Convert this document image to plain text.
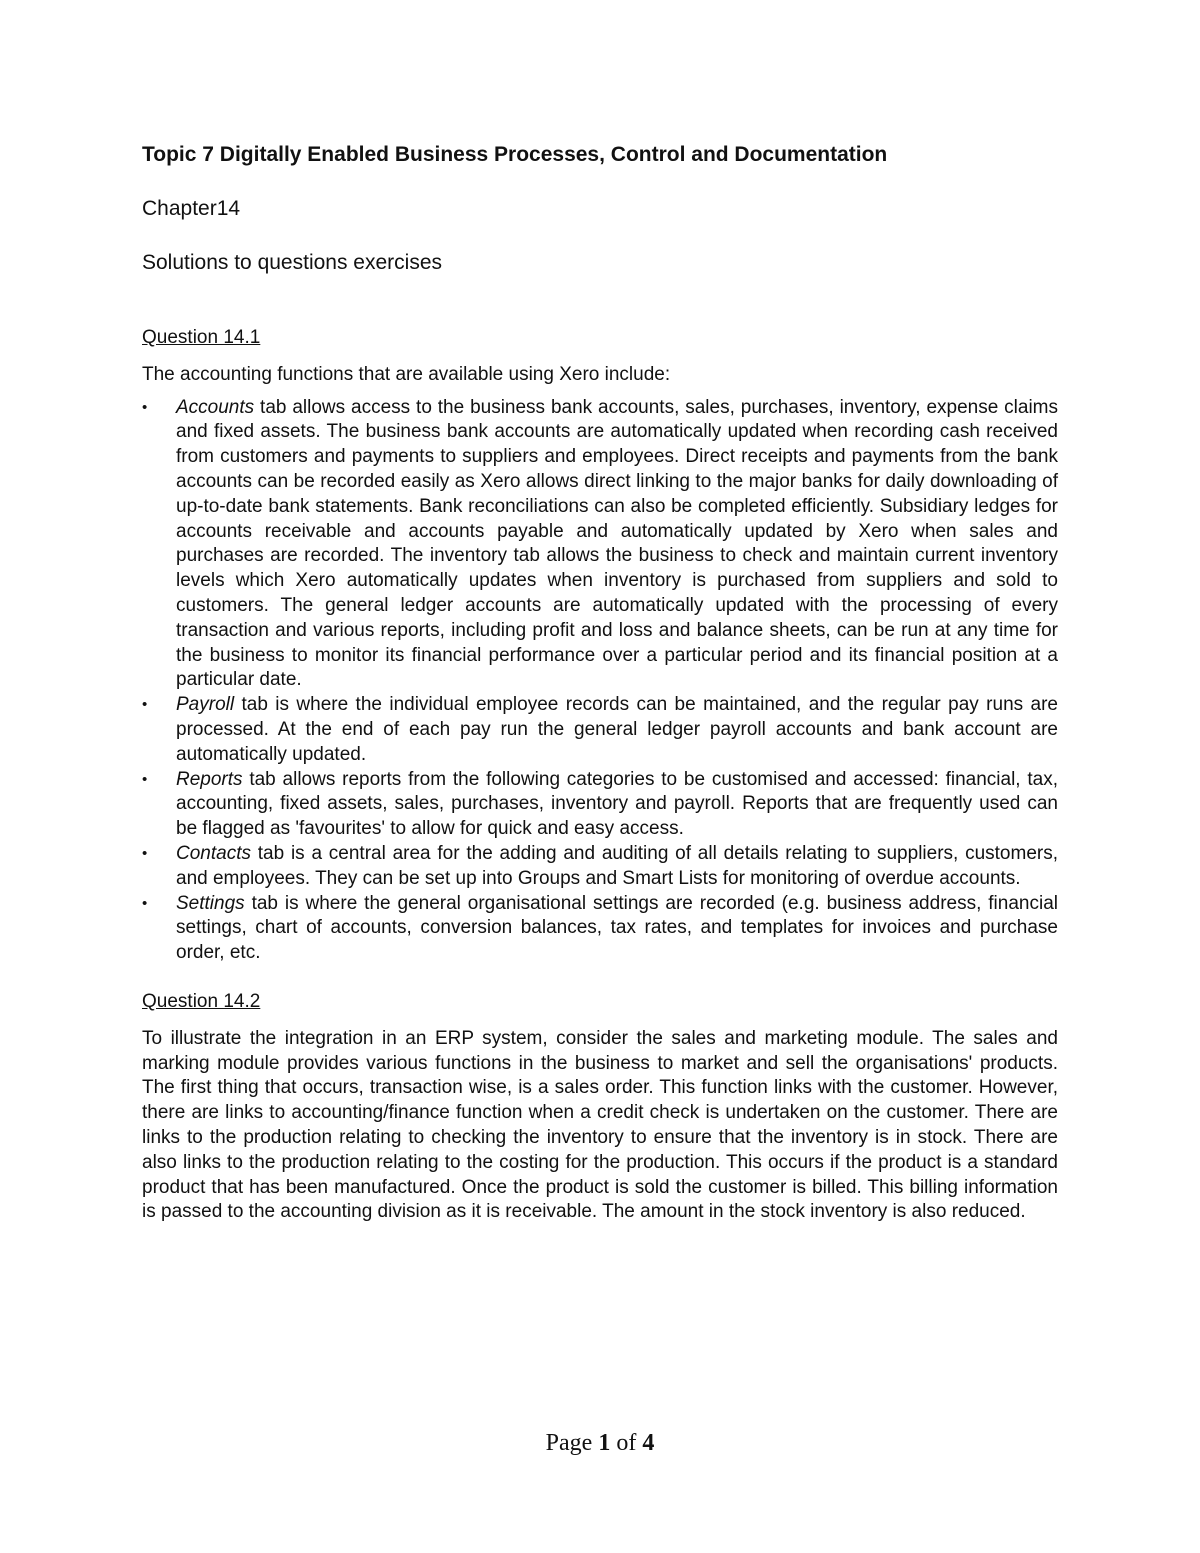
Topic 7 Digitally Enabled Business Processes, Control and Documentation
Chapter14
Solutions to questions exercises
Question 14.1

The accounting functions that are available using Xero include:

• Accounts tab allows access to the business bank accounts, sales, purchases, inventory, expense claims and fixed assets. The business bank accounts are automatically updated when recording cash received from customers and payments to suppliers and employees. Direct receipts and payments from the bank accounts can be recorded easily as Xero allows direct linking to the major banks for daily downloading of up-to-date bank statements. Bank reconciliations can also be completed efficiently. Subsidiary ledges for accounts receivable and accounts payable and automatically updated by Xero when sales and purchases are recorded. The inventory tab allows the business to check and maintain current inventory levels which Xero automatically updates when inventory is purchased from suppliers and sold to customers. The general ledger accounts are automatically updated with the processing of every transaction and various reports, including profit and loss and balance sheets, can be run at any time for the business to monitor its financial performance over a particular period and its financial position at a particular date.
• Payroll tab is where the individual employee records can be maintained, and the regular pay runs are processed. At the end of each pay run the general ledger payroll accounts and bank account are automatically updated.
• Reports tab allows reports from the following categories to be customised and accessed: financial, tax, accounting, fixed assets, sales, purchases, inventory and payroll. Reports that are frequently used can be flagged as 'favourites' to allow for quick and easy access.
• Contacts tab is a central area for the adding and auditing of all details relating to suppliers, customers, and employees. They can be set up into Groups and Smart Lists for monitoring of overdue accounts.
• Settings tab is where the general organisational settings are recorded (e.g. business address, financial settings, chart of accounts, conversion balances, tax rates, and templates for invoices and purchase order, etc.
Question 14.2

To illustrate the integration in an ERP system, consider the sales and marketing module. The sales and marking module provides various functions in the business to market and sell the organisations' products. The first thing that occurs, transaction wise, is a sales order. This function links with the customer. However, there are links to accounting/finance function when a credit check is undertaken on the customer. There are links to the production relating to checking the inventory to ensure that the inventory is in stock. There are also links to the production relating to the costing for the production. This occurs if the product is a standard product that has been manufactured. Once the product is sold the customer is billed. This billing information is passed to the accounting division as it is receivable. The amount in the stock inventory is also reduced.

Page 1 of 4
